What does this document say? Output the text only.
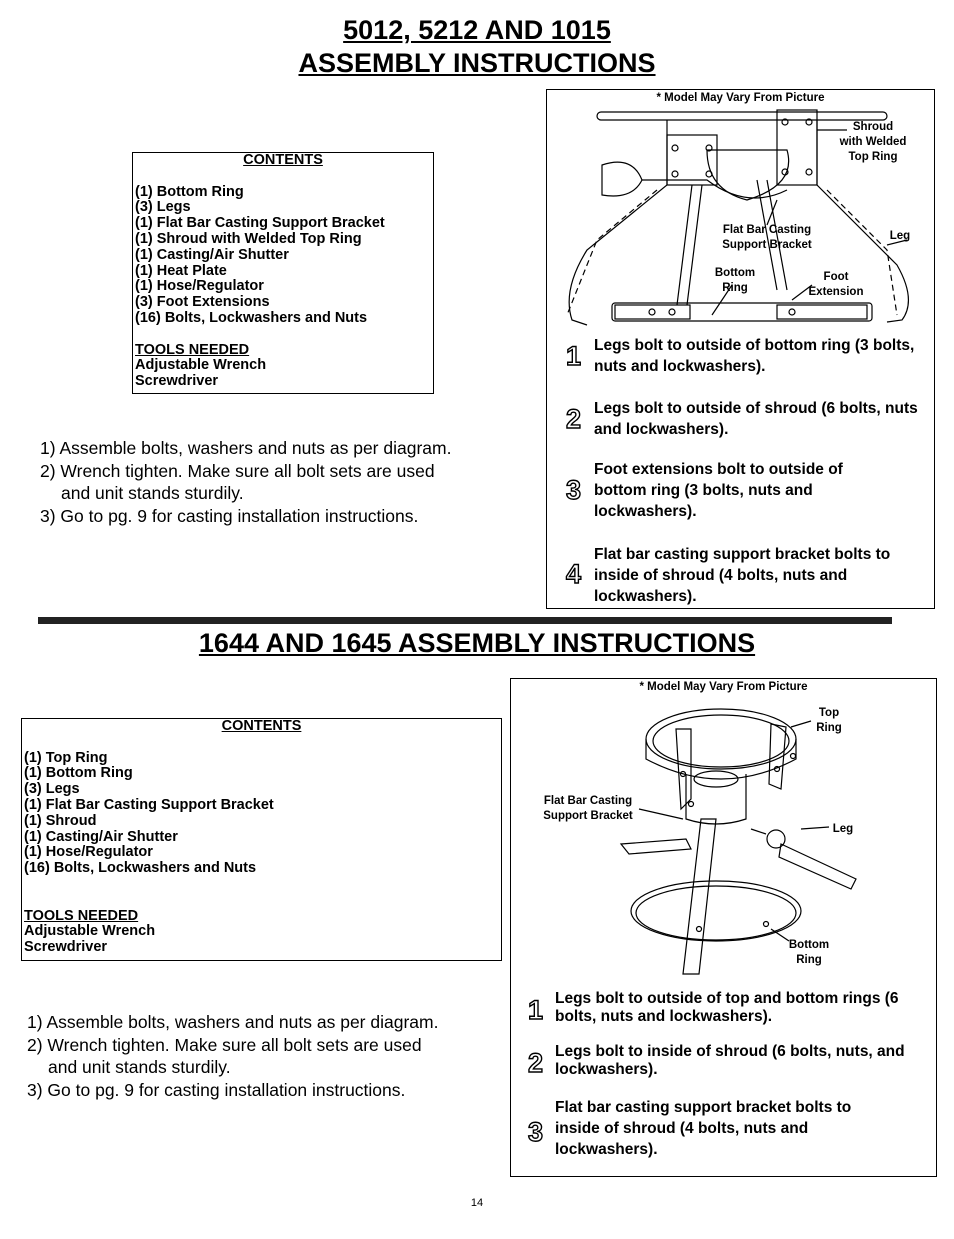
5012, 5212 AND 1015
ASSEMBLY INSTRUCTIONS
CONTENTS
(1) Bottom Ring
(3) Legs
(1) Flat Bar Casting Support Bracket
(1) Shroud with Welded Top Ring
(1) Casting/Air Shutter
(1) Heat Plate
(1) Hose/Regulator
(3) Foot Extensions
(16) Bolts, Lockwashers and Nuts
TOOLS NEEDED
Adjustable Wrench
Screwdriver
1) Assemble bolts, washers and nuts as per diagram.
2) Wrench tighten. Make sure all bolt sets are used
and unit stands sturdily.
3) Go to pg. 9 for casting installation instructions.
* Model May Vary From Picture
Shroud
with Welded
Top Ring
Flat Bar Casting
Support Bracket
Leg
Bottom
Ring
Foot
Extension
1 Legs bolt to outside of bottom ring (3 bolts, nuts and lockwashers).
2 Legs bolt to outside of shroud (6 bolts, nuts and lockwashers).
3
Foot extensions bolt to outside of bottom ring (3 bolts, nuts and lockwashers).
4
Flat bar casting support bracket bolts to inside of shroud (4 bolts, nuts and lockwashers).
1644 AND 1645 ASSEMBLY INSTRUCTIONS
CONTENTS
(1) Top Ring
(1) Bottom Ring
(3) Legs
(1) Flat Bar Casting Support Bracket
(1) Shroud
(1) Casting/Air Shutter
(1) Hose/Regulator
(16) Bolts, Lockwashers and Nuts
TOOLS NEEDED
Adjustable Wrench
Screwdriver
1) Assemble bolts, washers and nuts as per diagram.
2) Wrench tighten. Make sure all bolt sets are used
and unit stands sturdily.
3) Go to pg. 9 for casting installation instructions.
* Model May Vary From Picture
Top
Ring
Flat Bar Casting
Support Bracket
Leg
Bottom
Ring
1 Legs bolt to outside of top and bottom rings (6 bolts, nuts and lockwashers).
2 Legs bolt to inside of shroud (6 bolts, nuts, and lockwashers).
3
Flat bar casting support bracket bolts to inside of shroud (4 bolts, nuts and lockwashers).
14
